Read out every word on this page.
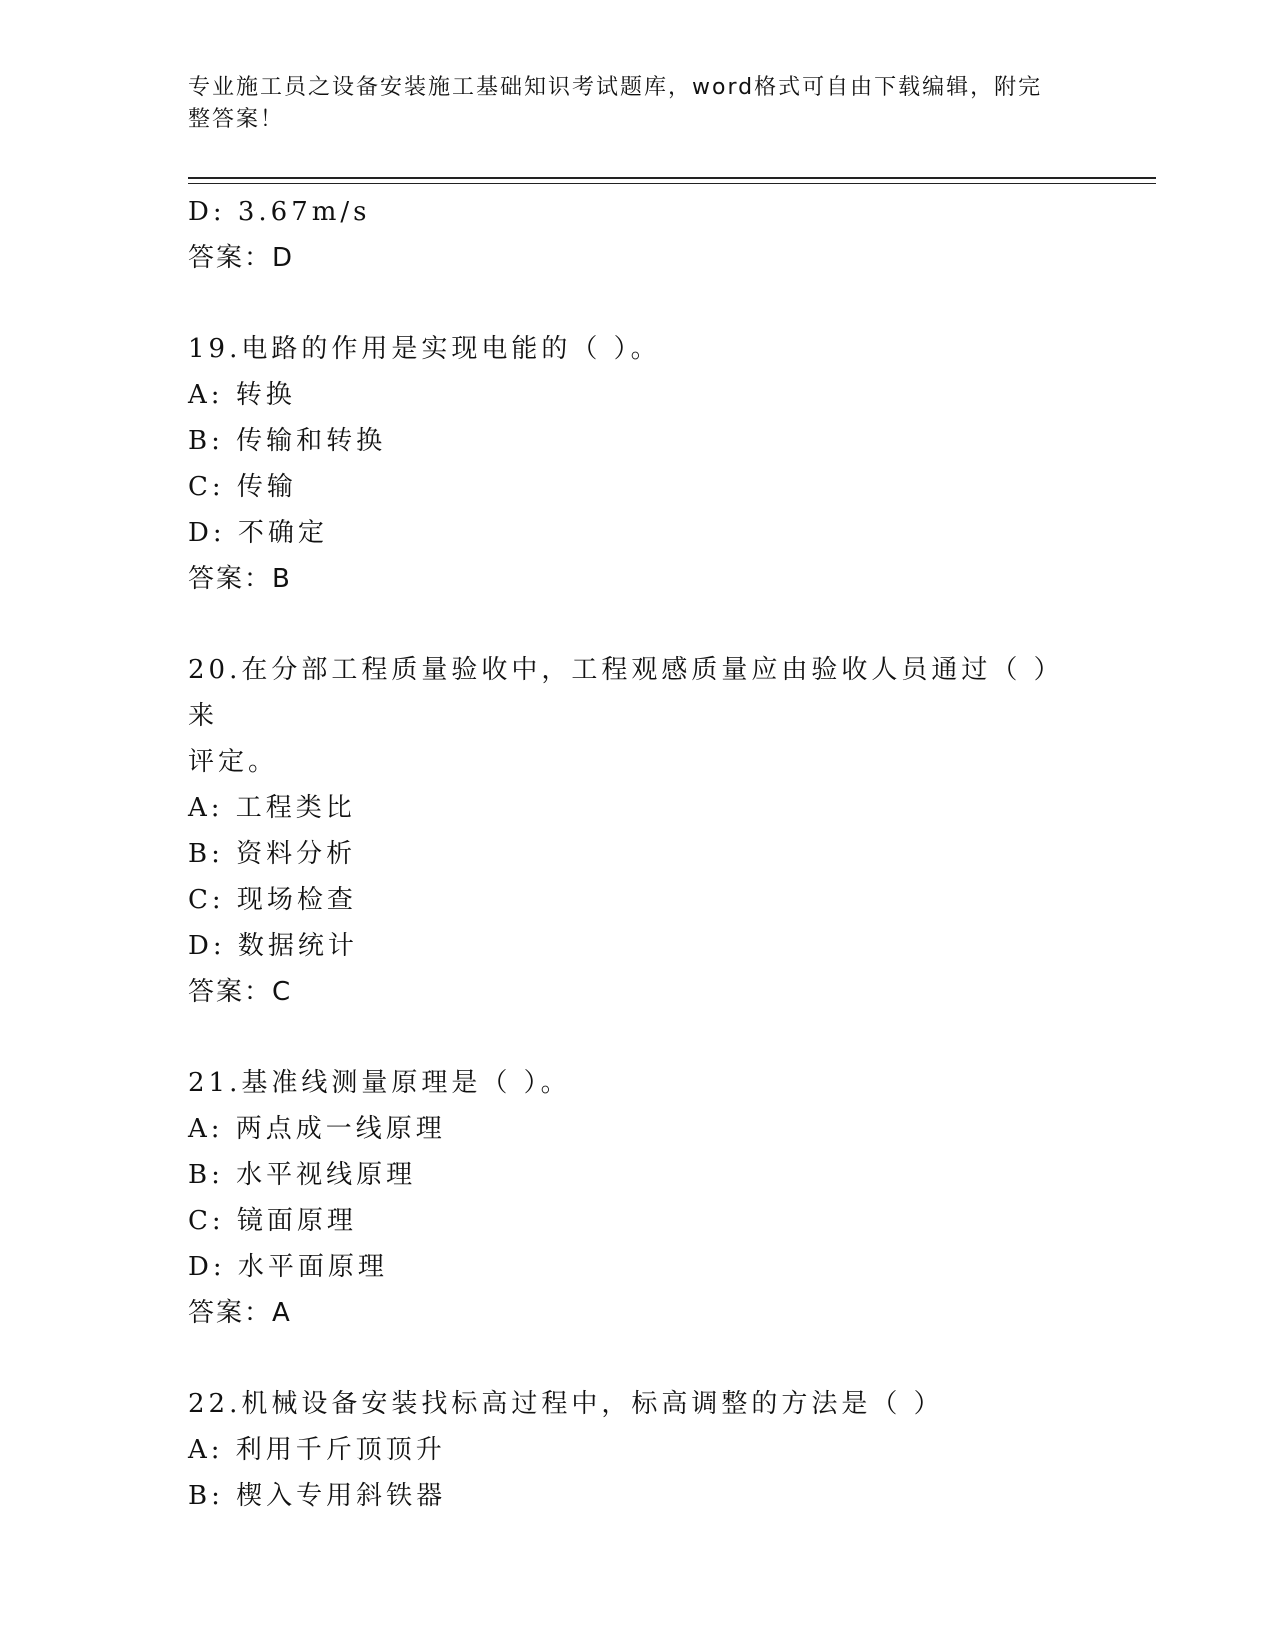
专业施工员之设备安装施工基础知识考试题库，word格式可自由下载编辑，附完
整答案！
D: 3.67m/s
答案：D
19.电路的作用是实现电能的（ ）。
A: 转换
B: 传输和转换
C: 传输
D: 不确定
答案：B
20.在分部工程质量验收中，工程观感质量应由验收人员通过（ ）来
评定。
A: 工程类比
B: 资料分析
C: 现场检查
D: 数据统计
答案：C
21.基准线测量原理是（ ）。
A: 两点成一线原理
B: 水平视线原理
C: 镜面原理
D: 水平面原理
答案：A
22.机械设备安装找标高过程中，标高调整的方法是（ ）
A: 利用千斤顶顶升
B: 楔入专用斜铁器
